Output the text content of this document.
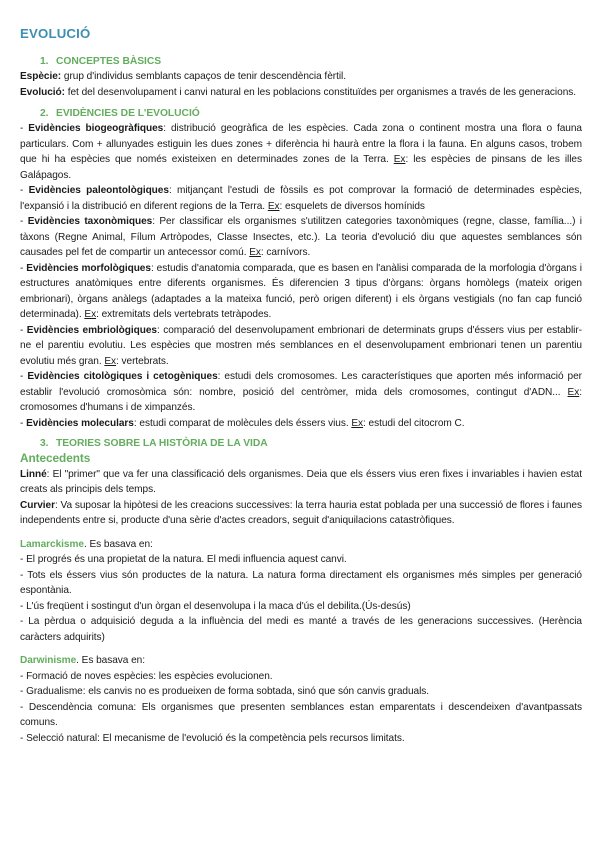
EVOLUCIÓ
1. CONCEPTES BÀSICS

Espècie: grup d'individus semblants capaços de tenir descendència fèrtil.

Evolució: fet del desenvolupament i canvi natural en les poblacions constituïdes per organismes a través de les generacions.

2. EVIDÈNCIES DE L'EVOLUCIÓ

- Evidències biogeogràfiques: distribució geogràfica de les espècies. Cada zona o continent mostra una flora o fauna particulars. Com + allunyades estiguin les dues zones + diferència hi haurà entre la flora i la fauna. En alguns casos, trobem que hi ha espècies que només existeixen en determinades zones de la Terra. Ex: les espècies de pinsans de les illes Galápagos.

- Evidències paleontològiques: mitjançant l'estudi de fòssils es pot comprovar la formació de determinades espècies, l'expansió i la distribució en diferent regions de la Terra. Ex: esquelets de diversos homínids

- Evidències taxonòmiques: Per classificar els organismes s'utilitzen categories taxonòmiques (regne, classe, família...) i tàxons (Regne Animal, Fílum Artròpodes, Classe Insectes, etc.). La teoria d'evolució diu que aquestes semblances són causades pel fet de compartir un antecessor comú. Ex: carnívors.

- Evidències morfològiques: estudis d'anatomia comparada, que es basen en l'anàlisi comparada de la morfologia d'òrgans i estructures anatòmiques entre diferents organismes. És diferencien 3 tipus d'òrgans: òrgans homòlegs (mateix origen embrionari), òrgans anàlegs (adaptades a la mateixa funció, però origen diferent) i els òrgans vestigials (no fan cap funció determinada). Ex: extremitats dels vertebrats tetràpodes.

- Evidències embriològiques: comparació del desenvolupament embrionari de determinats grups d'éssers vius per establir-ne el parentiu evolutiu. Les espècies que mostren més semblances en el desenvolupament embrionari tenen un parentiu evolutiu més gran. Ex: vertebrats.

- Evidències citològiques i cetogèniques: estudi dels cromosomes. Les característiques que aporten més informació per establir l'evolució cromosòmica són: nombre, posició del centròmer, mida dels cromosomes, contingut d'ADN... Ex: cromosomes d'humans i de ximpanzés.

- Evidències moleculars: estudi comparat de molècules dels éssers vius. Ex: estudi del citocrom C.

3. TEORIES SOBRE LA HISTÒRIA DE LA VIDA
Antecedents

Linné: El "primer" que va fer una classificació dels organismes. Deia que els éssers vius eren fixes i invariables i havien estat creats als principis dels temps.

Curvier: Va suposar la hipòtesi de les creacions successives: la terra hauria estat poblada per una successió de flores i faunes independents entre si, producte d'una sèrie d'actes creadors, seguit d'aniquilacions catastròfiques.

Lamarckisme. Es basava en:

- El progrés és una propietat de la natura. El medi influencia aquest canvi.

- Tots els éssers vius són productes de la natura. La natura forma directament els organismes més simples per generació espontània.

- L'ús freqüent i sostingut d'un òrgan el desenvolupa i la maca d'ús el debilita.(Ús-desús)

- La pèrdua o adquisició deguda a la influència del medi es manté a través de les generacions successives. (Herència caràcters adquirits)

Darwinisme. Es basava en:

- Formació de noves espècies: les espècies evolucionen.

- Gradualisme: els canvis no es produeixen de forma sobtada, sinó que són canvis graduals.

- Descendència comuna: Els organismes que presenten semblances estan emparentats i descendeixen d'avantpassats comuns.

- Selecció natural: El mecanisme de l'evolució és la competència pels recursos limitats.
